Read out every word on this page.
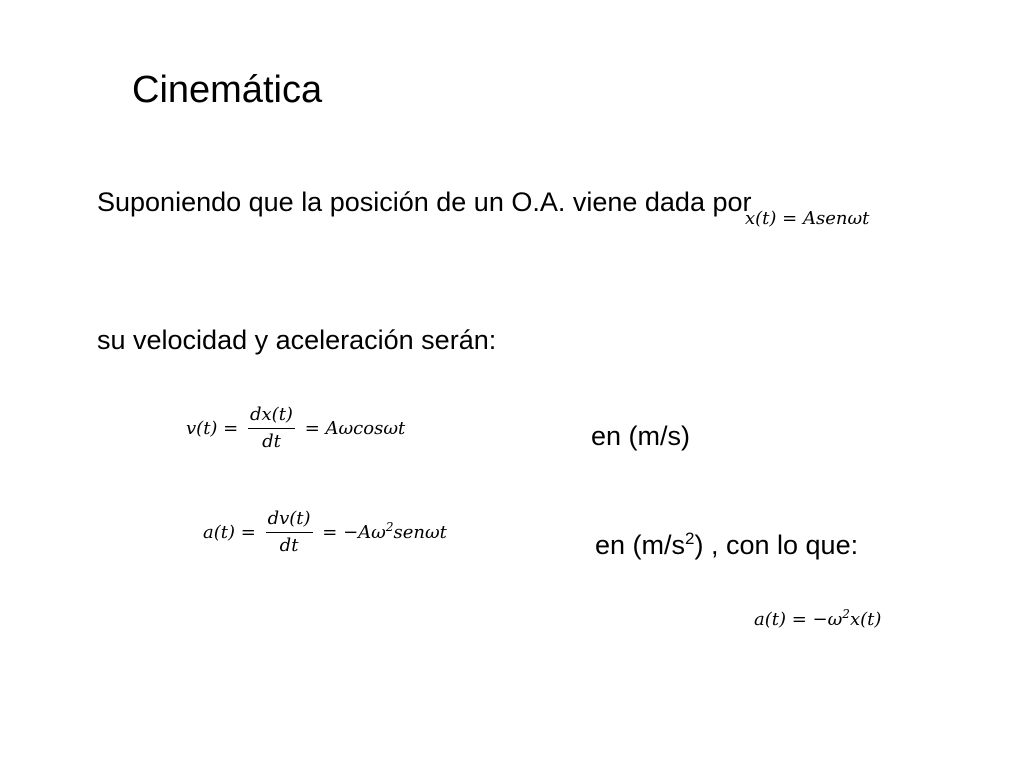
Cinemática
Suponiendo que la posición de un O.A. viene dada por
x(t) = Asenωt
su velocidad y aceleración serán:
$v(t) = \frac{dx(t)}{dt} = A\omega\cos\omega t$	en (m/s)
$a(t) = \frac{dv(t)}{dt} = -A\omega^2sen\omega t$	en $(m/s^2)$ , con lo que:
$a(t) = -\omega^2x(t)$
